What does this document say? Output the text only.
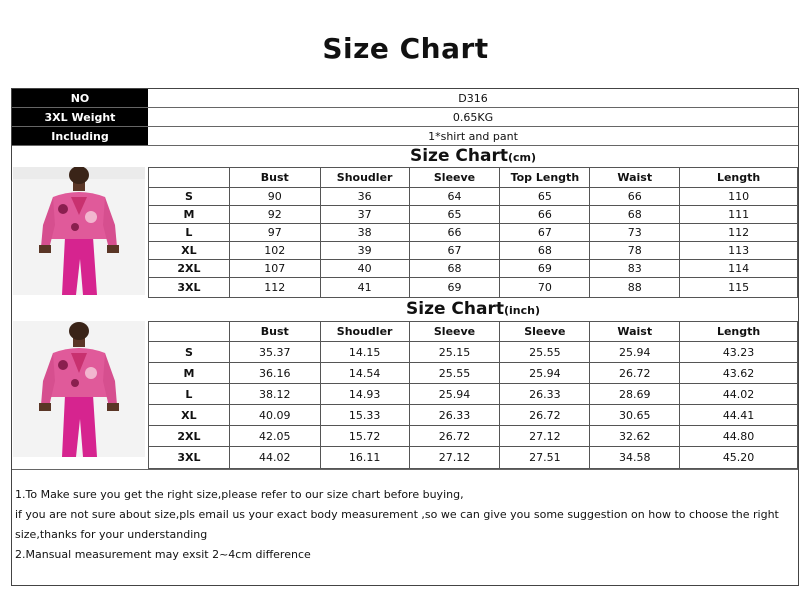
Size Chart
NO	D316
3XL Weight	0.65KG
Including	1*shirt and pant
Size Chart(cm)
	Bust	Shoudler	Sleeve	Top Length	Waist	Length
S	90	36	64	65	66	110
M	92	37	65	66	68	111
L	97	38	66	67	73	112
XL	102	39	67	68	78	113
2XL	107	40	68	69	83	114
3XL	112	41	69	70	88	115
Size Chart(inch)
	Bust	Shoudler	Sleeve	Sleeve	Waist	Length
S	35.37	14.15	25.15	25.55	25.94	43.23
M	36.16	14.54	25.55	25.94	26.72	43.62
L	38.12	14.93	25.94	26.33	28.69	44.02
XL	40.09	15.33	26.33	26.72	30.65	44.41
2XL	42.05	15.72	26.72	27.12	32.62	44.80
3XL	44.02	16.11	27.12	27.51	34.58	45.20

1.To Make sure you get the right size,please refer to our size chart before buying,

if you are not sure about size,pls email us your exact body measurement ,so we can give you some suggestion on how to choose the right size,thanks for your understanding

2.Mansual measurement may exsit 2~4cm difference
